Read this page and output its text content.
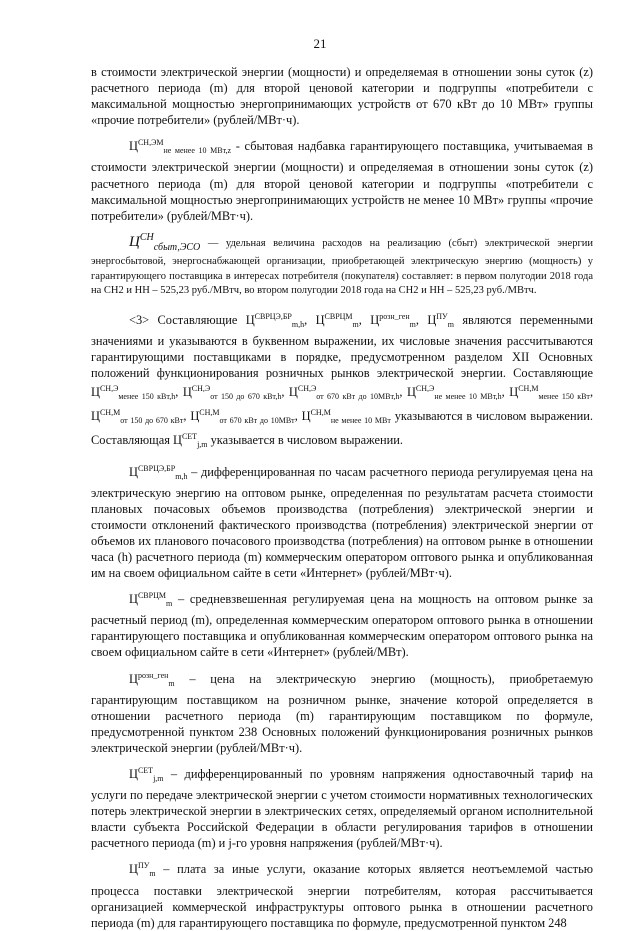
21

в стоимости электрической энергии (мощности) и определяемая в отношении зоны суток (z) расчетного периода (m) для второй ценовой категории и подгруппы «потребители с максимальной мощностью энергопринимающих устройств от 670 кВт до 10 МВт» группы «прочие потребители» (рублей/МВт·ч).

$Ц^{СН,ЭМ}_{не менее 10 МВт,z}$ - сбытовая надбавка гарантирующего поставщика, учитываемая в стоимости электрической энергии (мощности) и определяемая в отношении зоны суток (z) расчетного периода (m) для второй ценовой категории и подгруппы «потребители с максимальной мощностью энергопринимающих устройств не менее 10 МВт» группы «прочие потребители» (рублей/МВт·ч).

ЦСНсбыт,ЭСО — удельная величина расходов на реализацию (сбыт) электрической энергии энергосбытовой, энергоснабжающей организации, приобретающей электрическую энергию (мощность) у гарантирующего поставщика в интересах потребителя (покупателя) составляет: в первом полугодии 2018 года на СН2 и НН – 525,23 руб./МВтч, во втором полугодии 2018 года на СН2 и НН – 525,23 руб./МВтч.

<3> Составляющие $Ц^{СВРЦЭ,БР}_{m,h}$, $Ц^{СВРЦМ}_m$, $Ц^{розн\_ген}_m$, $Ц^{ПУ}_m$ являются переменными значениями и указываются в буквенном выражении, их числовые значения рассчитываются гарантирующими поставщиками в порядке, предусмотренном разделом XII Основных положений функционирования розничных рынков электрической энергии. Составляющие $Ц^{СН,Э}_{менее 150 кВт,h}$, $Ц^{СН,Э}_{от 150 до 670 кВт,h}$, $Ц^{СН,Э}_{от 670 кВт до 10МВт,h}$, $Ц^{СН,Э}_{не менее 10 МВт,h}$, $Ц^{СН,М}_{менее 150 кВт}$, $Ц^{СН,М}_{от 150 до 670 кВт}$, $Ц^{СН,М}_{от 670 кВт до 10МВт}$, $Ц^{СН,М}_{не менее 10 МВт}$ указываются в числовом выражении. Составляющая $Ц^{СЕТ}_{j,m}$ указывается в числовом выражении.

$Ц^{СВРЦЭ,БР}_{m,h}$ – дифференцированная по часам расчетного периода регулируемая цена на электрическую энергию на оптовом рынке, определенная по результатам расчета стоимости плановых почасовых объемов производства (потребления) электрической энергии и стоимости отклонений фактического производства (потребления) электрической энергии от объемов их планового почасового производства (потребления) на оптовом рынке в отношении часа (h) расчетного периода (m) коммерческим оператором оптового рынка и опубликованная им на своем официальном сайте в сети «Интернет» (рублей/МВт·ч).

$Ц^{СВРЦМ}_m$ – средневзвешенная регулируемая цена на мощность на оптовом рынке за расчетный период (m), определенная коммерческим оператором оптового рынка в отношении гарантирующего поставщика и опубликованная коммерческим оператором оптового рынка на своем официальном сайте в сети «Интернет» (рублей/МВт).

$Ц^{розн\_ген}_m$ – цена на электрическую энергию (мощность), приобретаемую гарантирующим поставщиком на розничном рынке, значение которой определяется в отношении расчетного периода (m) гарантирующим поставщиком по формуле, предусмотренной пунктом 238 Основных положений функционирования розничных рынков электрической энергии (рублей/МВт·ч).

$Ц^{СЕТ}_{j,m}$ – дифференцированный по уровням напряжения одноставочный тариф на услуги по передаче электрической энергии с учетом стоимости нормативных технологических потерь электрической энергии в электрических сетях, определяемый органом исполнительной власти субъекта Российской Федерации в области регулирования тарифов в отношении расчетного периода (m) и j-го уровня напряжения (рублей/МВт·ч).

$Ц^{ПУ}_m$ – плата за иные услуги, оказание которых является неотъемлемой частью процесса поставки электрической энергии потребителям, которая рассчитывается организацией коммерческой инфраструктуры оптового рынка в отношении расчетного периода (m) для гарантирующего поставщика по формуле, предусмотренной пунктом 248
